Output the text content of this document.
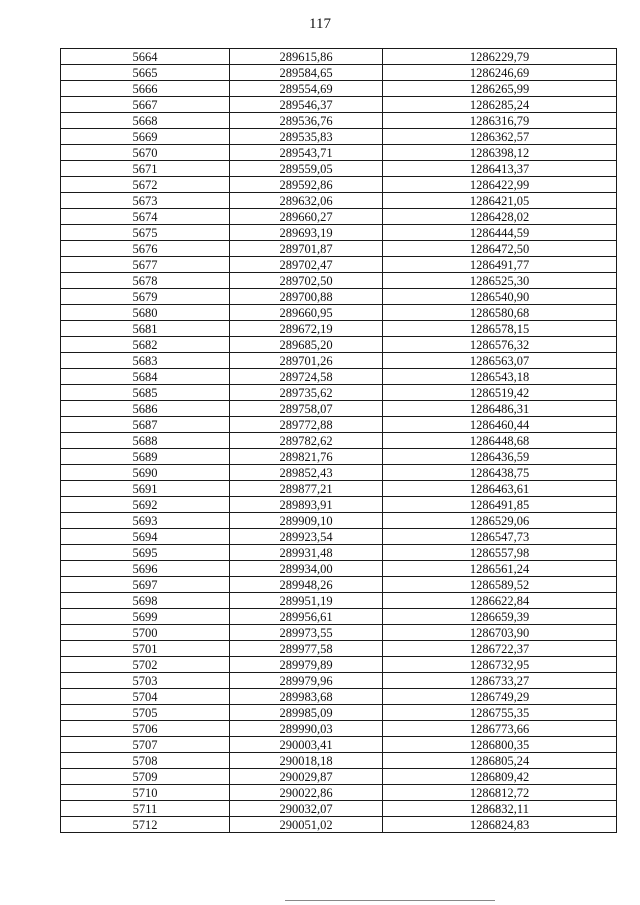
117
5664	289615,86	1286229,79
5665	289584,65	1286246,69
5666	289554,69	1286265,99
5667	289546,37	1286285,24
5668	289536,76	1286316,79
5669	289535,83	1286362,57
5670	289543,71	1286398,12
5671	289559,05	1286413,37
5672	289592,86	1286422,99
5673	289632,06	1286421,05
5674	289660,27	1286428,02
5675	289693,19	1286444,59
5676	289701,87	1286472,50
5677	289702,47	1286491,77
5678	289702,50	1286525,30
5679	289700,88	1286540,90
5680	289660,95	1286580,68
5681	289672,19	1286578,15
5682	289685,20	1286576,32
5683	289701,26	1286563,07
5684	289724,58	1286543,18
5685	289735,62	1286519,42
5686	289758,07	1286486,31
5687	289772,88	1286460,44
5688	289782,62	1286448,68
5689	289821,76	1286436,59
5690	289852,43	1286438,75
5691	289877,21	1286463,61
5692	289893,91	1286491,85
5693	289909,10	1286529,06
5694	289923,54	1286547,73
5695	289931,48	1286557,98
5696	289934,00	1286561,24
5697	289948,26	1286589,52
5698	289951,19	1286622,84
5699	289956,61	1286659,39
5700	289973,55	1286703,90
5701	289977,58	1286722,37
5702	289979,89	1286732,95
5703	289979,96	1286733,27
5704	289983,68	1286749,29
5705	289985,09	1286755,35
5706	289990,03	1286773,66
5707	290003,41	1286800,35
5708	290018,18	1286805,24
5709	290029,87	1286809,42
5710	290022,86	1286812,72
5711	290032,07	1286832,11
5712	290051,02	1286824,83
